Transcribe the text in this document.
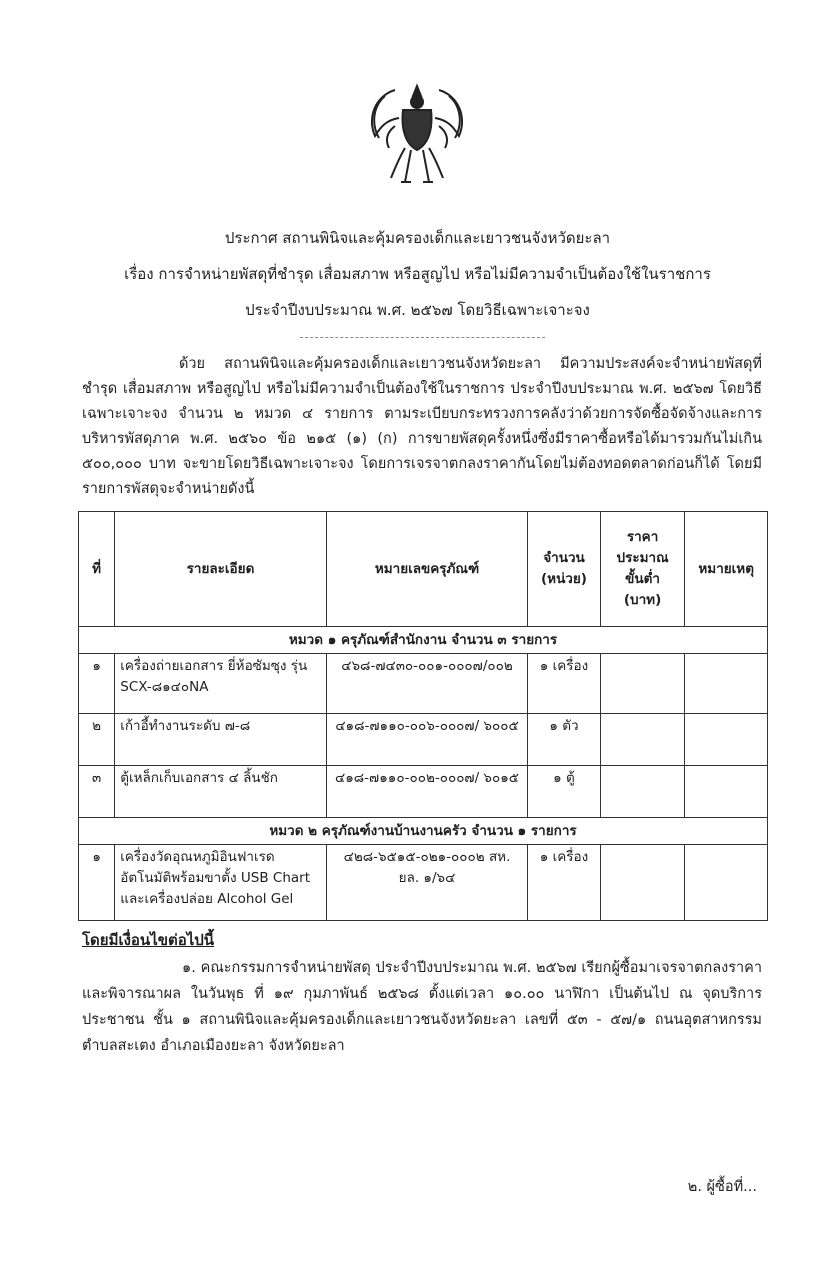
ประกาศ สถานพินิจและคุ้มครองเด็กและเยาวชนจังหวัดยะลา
เรื่อง การจำหน่ายพัสดุที่ชำรุด เสื่อมสภาพ หรือสูญไป หรือไม่มีความจำเป็นต้องใช้ในราชการ
ประจำปีงบประมาณ พ.ศ. ๒๕๖๗ โดยวิธีเฉพาะเจาะจง

ด้วย สถานพินิจและคุ้มครองเด็กและเยาวชนจังหวัดยะลา มีความประสงค์จะจำหน่ายพัสดุที่ชำรุด เสื่อมสภาพ หรือสูญไป หรือไม่มีความจำเป็นต้องใช้ในราชการ ประจำปีงบประมาณ พ.ศ. ๒๕๖๗ โดยวิธีเฉพาะเจาะจง จำนวน ๒ หมวด ๔ รายการ ตามระเบียบกระทรวงการคลังว่าด้วยการจัดซื้อจัดจ้างและการบริหารพัสดุภาค พ.ศ. ๒๕๖๐ ข้อ ๒๑๕ (๑) (ก) การขายพัสดุครั้งหนึ่งซึ่งมีราคาซื้อหรือได้มารวมกันไม่เกิน ๕๐๐,๐๐๐ บาท จะขายโดยวิธีเฉพาะเจาะจง โดยการเจรจาตกลงราคากันโดยไม่ต้องทอดตลาดก่อนก็ได้ โดยมีรายการพัสดุจะจำหน่ายดังนี้

ที่	รายละเอียด	หมายเลขครุภัณฑ์	จำนวน (หน่วย)	ราคา ประมาณ ขั้นต่ำ (บาท)	หมายเหตุ
หมวด ๑ ครุภัณฑ์สำนักงาน จำนวน ๓ รายการ					
๑	เครื่องถ่ายเอกสาร ยี่ห้อซัมซุง รุ่น SCX-๘๑๔๐NA	๔๖๘-๗๔๓๐-๐๐๑-๐๐๐๗/๐๐๒	๑ เครื่อง		
๒	เก้าอี้ทำงานระดับ ๗-๘	๔๑๘-๗๑๑๐-๐๐๖-๐๐๐๗/ ๖๐๐๕	๑ ตัว		
๓	ตู้เหล็กเก็บเอกสาร ๔ ลิ้นชัก	๔๑๘-๗๑๑๐-๐๐๒-๐๐๐๗/ ๖๐๑๕	๑ ตู้		
หมวด ๒ ครุภัณฑ์งานบ้านงานครัว จำนวน ๑ รายการ					
๑	เครื่องวัดอุณหภูมิอินฟาเรด อัตโนมัติพร้อมขาตั้ง USB Chart และเครื่องปล่อย Alcohol Gel	๔๒๘-๖๕๑๕-๐๒๑-๐๐๐๒ สห. ยล. ๑/๖๔	๑ เครื่อง		
โดยมีเงื่อนไขต่อไปนี้

๑. คณะกรรมการจำหน่ายพัสดุ ประจำปีงบประมาณ พ.ศ. ๒๕๖๗ เรียกผู้ซื้อมาเจรจาตกลงราคาและพิจารณาผล ในวันพุธ ที่ ๑๙ กุมภาพันธ์ ๒๕๖๘ ตั้งแต่เวลา ๑๐.๐๐ นาฬิกา เป็นต้นไป ณ จุดบริการประชาชน ชั้น ๑ สถานพินิจและคุ้มครองเด็กและเยาวชนจังหวัดยะลา เลขที่ ๕๓ - ๕๗/๑ ถนนอุตสาหกรรม ตำบลสะเตง อำเภอเมืองยะลา จังหวัดยะลา

๒. ผู้ซื้อที่...
